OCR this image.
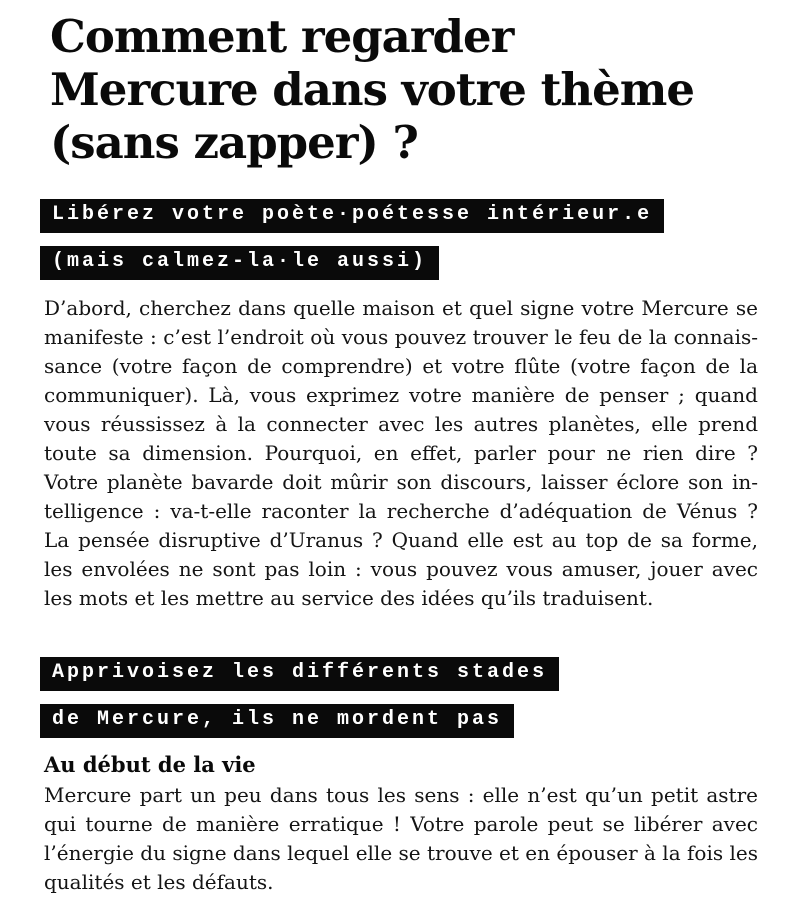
Comment regarder
Mercure dans votre thème
(sans zapper) ?
Libérez votre poète·poétesse intérieur.e
(mais calmez-la·le aussi)
D’abord, cherchez dans quelle maison et quel signe votre Mercure se
manifeste : c’est l’endroit où vous pouvez trouver le feu de la connais-
sance (votre façon de comprendre) et votre flûte (votre façon de la
communiquer). Là, vous exprimez votre manière de penser ; quand
vous réussissez à la connecter avec les autres planètes, elle prend
toute sa dimension. Pourquoi, en effet, parler pour ne rien dire ?
Votre planète bavarde doit mûrir son discours, laisser éclore son in-
telligence : va-t-elle raconter la recherche d’adéquation de Vénus ?
La pensée disruptive d’Uranus ? Quand elle est au top de sa forme,
les envolées ne sont pas loin : vous pouvez vous amuser, jouer avec
les mots et les mettre au service des idées qu’ils traduisent.
Apprivoisez les différents stades
de Mercure, ils ne mordent pas
Au début de la vie
Mercure part un peu dans tous les sens : elle n’est qu’un petit astre
qui tourne de manière erratique ! Votre parole peut se libérer avec
l’énergie du signe dans lequel elle se trouve et en épouser à la fois les
qualités et les défauts.
